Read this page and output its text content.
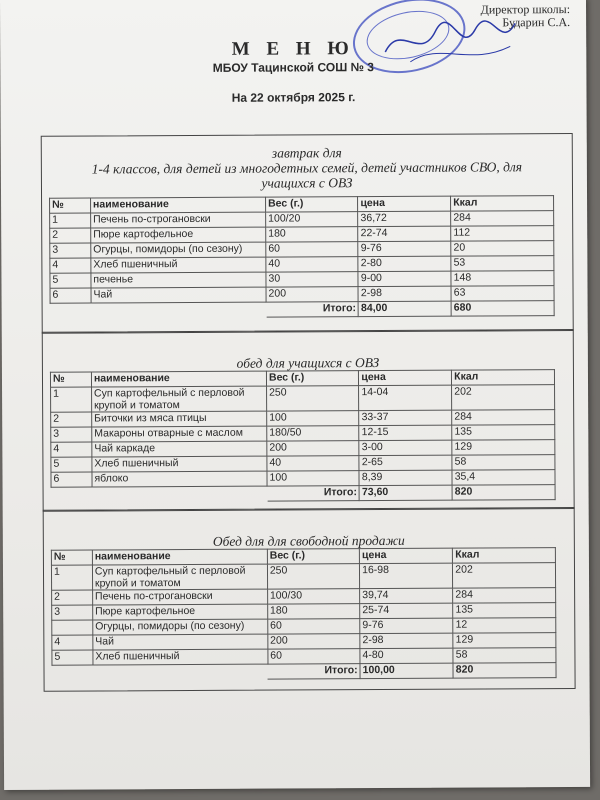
Директор школы:
Бударин С.А.
М Е Н Ю
МБОУ Тацинской СОШ № 3
На 22 октября 2025 г.
завтрак для
1-4 классов, для детей из многодетных семей, детей участников СВО, для
учащихся с ОВЗ
№	наименование	Вес (г.)	цена	Ккал
1	Печень по-строгановски	100/20	36,72	284
2	Пюре картофельное	180	22-74	112
3	Огурцы, помидоры (по сезону)	60	9-76	20
4	Хлеб пшеничный	40	2-80	53
5	печенье	30	9-00	148
6	Чай	200	2-98	63
		Итого:	84,00	680
обед для учащихся с ОВЗ
№	наименование	Вес (г.)	цена	Ккал
1	Суп картофельный с перловой крупой и томатом	250	14-04	202
2	Биточки из мяса птицы	100	33-37	284
3	Макароны отварные с маслом	180/50	12-15	135
4	Чай каркаде	200	3-00	129
5	Хлеб пшеничный	40	2-65	58
6	яблоко	100	8,39	35,4
		Итого:	73,60	820
Обед для для свободной продажи
№	наименование	Вес (г.)	цена	Ккал
1	Суп картофельный с перловой крупой и томатом	250	16-98	202
2	Печень по-строгановски	100/30	39,74	284
3	Пюре картофельное	180	25-74	135
	Огурцы, помидоры (по сезону)	60	9-76	12
4	Чай	200	2-98	129
5	Хлеб пшеничный	60	4-80	58
		Итого:	100,00	820
